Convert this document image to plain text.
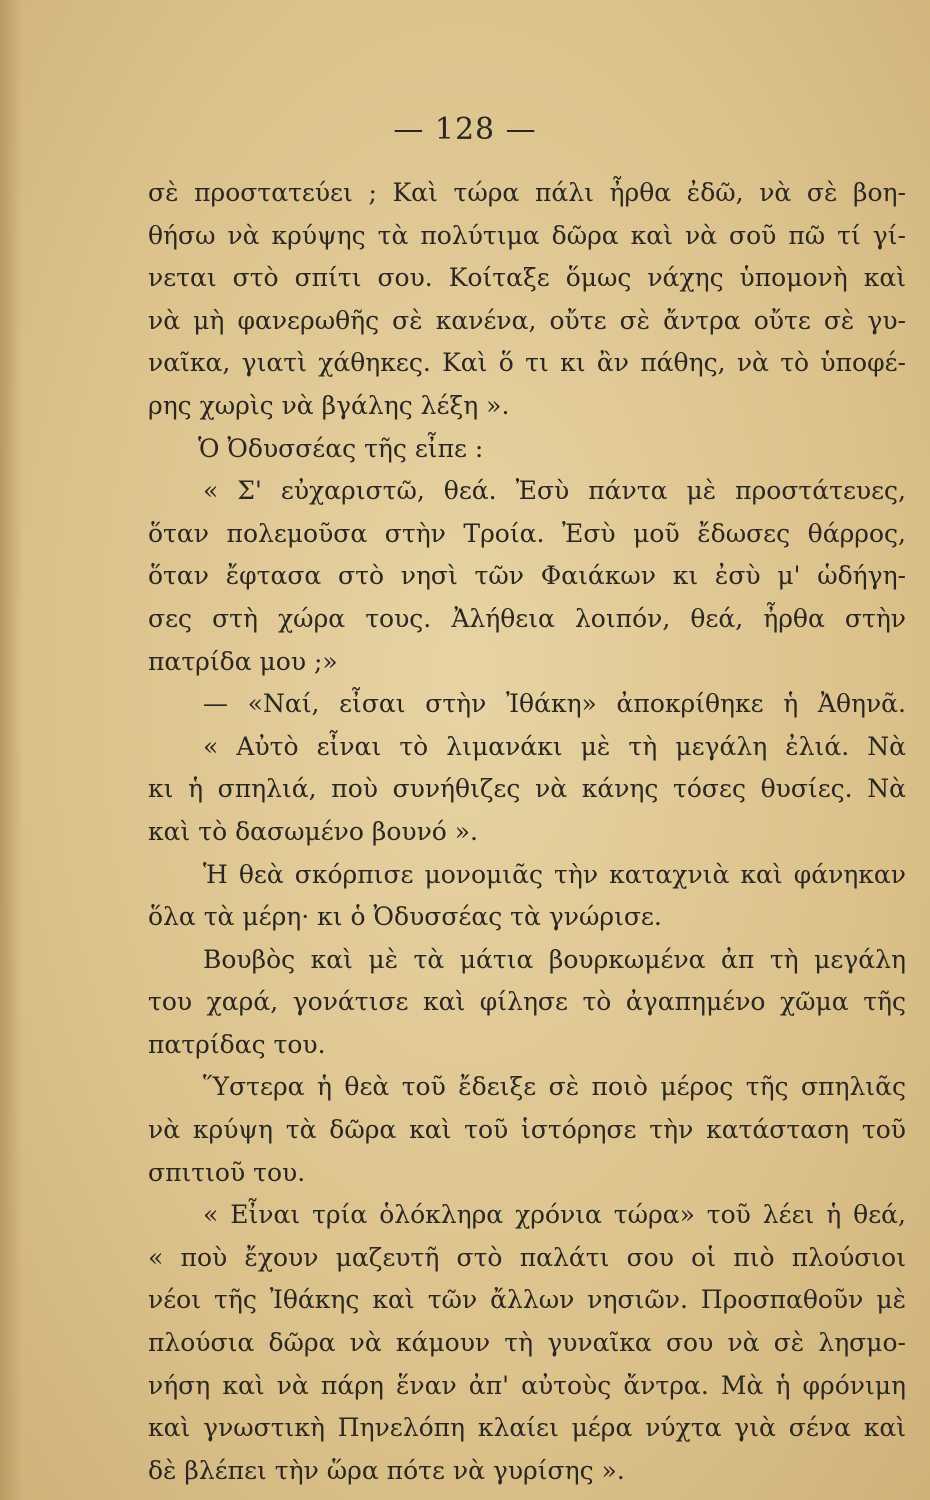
— 128 —
σὲ προστατεύει ; Καὶ τώρα πάλι ἦρθα ἐδῶ, νὰ σὲ βοη-
θήσω νὰ κρύψης τὰ πολύτιμα δῶρα καὶ νὰ σοῦ πῶ τί γί-
νεται στὸ σπίτι σου. Κοίταξε ὅμως νάχης ὑπομονὴ καὶ
νὰ μὴ φανερωθῆς σὲ κανένα, οὔτε σὲ ἄντρα οὔτε σὲ γυ-
ναῖκα, γιατὶ χάθηκες. Καὶ ὅ τι κι ἂν πάθης, νὰ τὸ ὑποφέ-
ρης χωρὶς νὰ βγάλης λέξη ».
Ὁ Ὀδυσσέας τῆς εἶπε :
« Σ' εὐχαριστῶ, θεά. Ἐσὺ πάντα μὲ προστάτευες,
ὅταν πολεμοῦσα στὴν Τροία. Ἐσὺ μοῦ ἔδωσες θάρρος,
ὅταν ἔφτασα στὸ νησὶ τῶν Φαιάκων κι ἐσὺ μ' ὡδήγη-
σες στὴ χώρα τους. Ἀλήθεια λοιπόν, θεά, ἦρθα στὴν
πατρίδα μου ;»
— «Ναί, εἶσαι στὴν Ἰθάκη» ἀποκρίθηκε ἡ Ἀθηνᾶ.
« Αὐτὸ εἶναι τὸ λιμανάκι μὲ τὴ μεγάλη ἐλιά. Νὰ
κι ἡ σπηλιά, ποὺ συνήθιζες νὰ κάνης τόσες θυσίες. Νὰ
καὶ τὸ δασωμένο βουνό ».
Ἡ θεὰ σκόρπισε μονομιᾶς τὴν καταχνιὰ καὶ φάνηκαν
ὅλα τὰ μέρη· κι ὁ Ὀδυσσέας τὰ γνώρισε.
Βουβὸς καὶ μὲ τὰ μάτια βουρκωμένα ἀπ τὴ μεγάλη
του χαρά, γονάτισε καὶ φίλησε τὸ ἀγαπημένο χῶμα τῆς
πατρίδας του.
Ὕστερα ἡ θεὰ τοῦ ἔδειξε σὲ ποιὸ μέρος τῆς σπηλιᾶς
νὰ κρύψη τὰ δῶρα καὶ τοῦ ἱστόρησε τὴν κατάσταση τοῦ
σπιτιοῦ του.
« Εἶναι τρία ὁλόκληρα χρόνια τώρα» τοῦ λέει ἡ θεά,
« ποὺ ἔχουν μαζευτῆ στὸ παλάτι σου οἱ πιὸ πλούσιοι
νέοι τῆς Ἰθάκης καὶ τῶν ἄλλων νησιῶν. Προσπαθοῦν μὲ
πλούσια δῶρα νὰ κάμουν τὴ γυναῖκα σου νὰ σὲ λησμο-
νήση καὶ νὰ πάρη ἕναν ἀπ' αὐτοὺς ἄντρα. Μὰ ἡ φρόνιμη
καὶ γνωστικὴ Πηνελόπη κλαίει μέρα νύχτα γιὰ σένα καὶ
δὲ βλέπει τὴν ὥρα πότε νὰ γυρίσης ».
